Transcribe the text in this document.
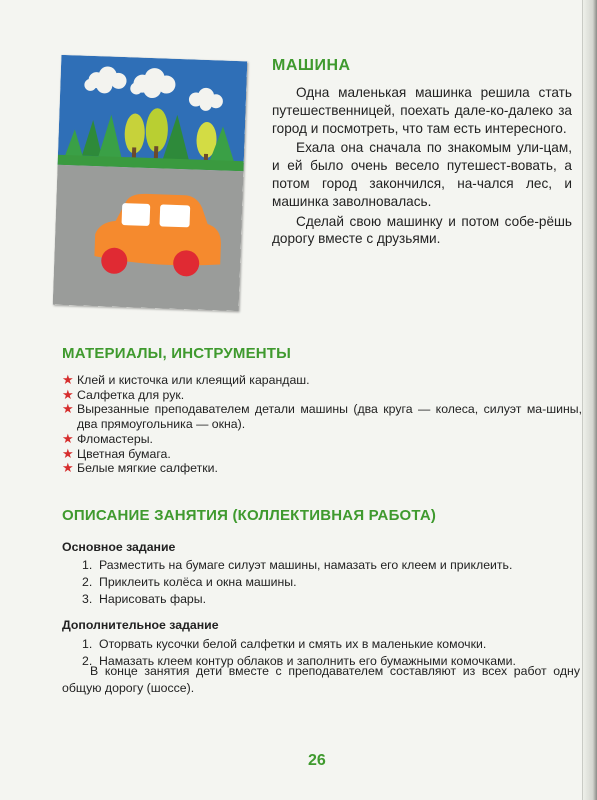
МАШИНА

Одна маленькая машинка решила стать путешественницей, поехать дале-ко-далеко за город и посмотреть, что там есть интересного.

Ехала она сначала по знакомым ули-цам, и ей было очень весело путешест-вовать, а потом город закончился, на-чался лес, и машинка заволновалась.

Сделай свою машинку и потом собе-рёшь дорогу вместе с друзьями.

МАТЕРИАЛЫ, ИНСТРУМЕНТЫ
★ Клей и кисточка или клеящий карандаш.
★ Салфетка для рук.
★ Вырезанные преподавателем детали машины (два круга — колеса, силуэт ма-шины, два прямоугольника — окна).
★ Фломастеры.
★ Цветная бумага.
★ Белые мягкие салфетки.
ОПИСАНИЕ ЗАНЯТИЯ (КОЛЛЕКТИВНАЯ РАБОТА)
Основное задание
1. Разместить на бумаге силуэт машины, намазать его клеем и приклеить.
2. Приклеить колёса и окна машины.
3. Нарисовать фары.
Дополнительное задание
1. Оторвать кусочки белой салфетки и смять их в маленькие комочки.
2. Намазать клеем контур облаков и заполнить его бумажными комочками.
В конце занятия дети вместе с преподавателем составляют из всех работ одну общую дорогу (шоссе).
26
